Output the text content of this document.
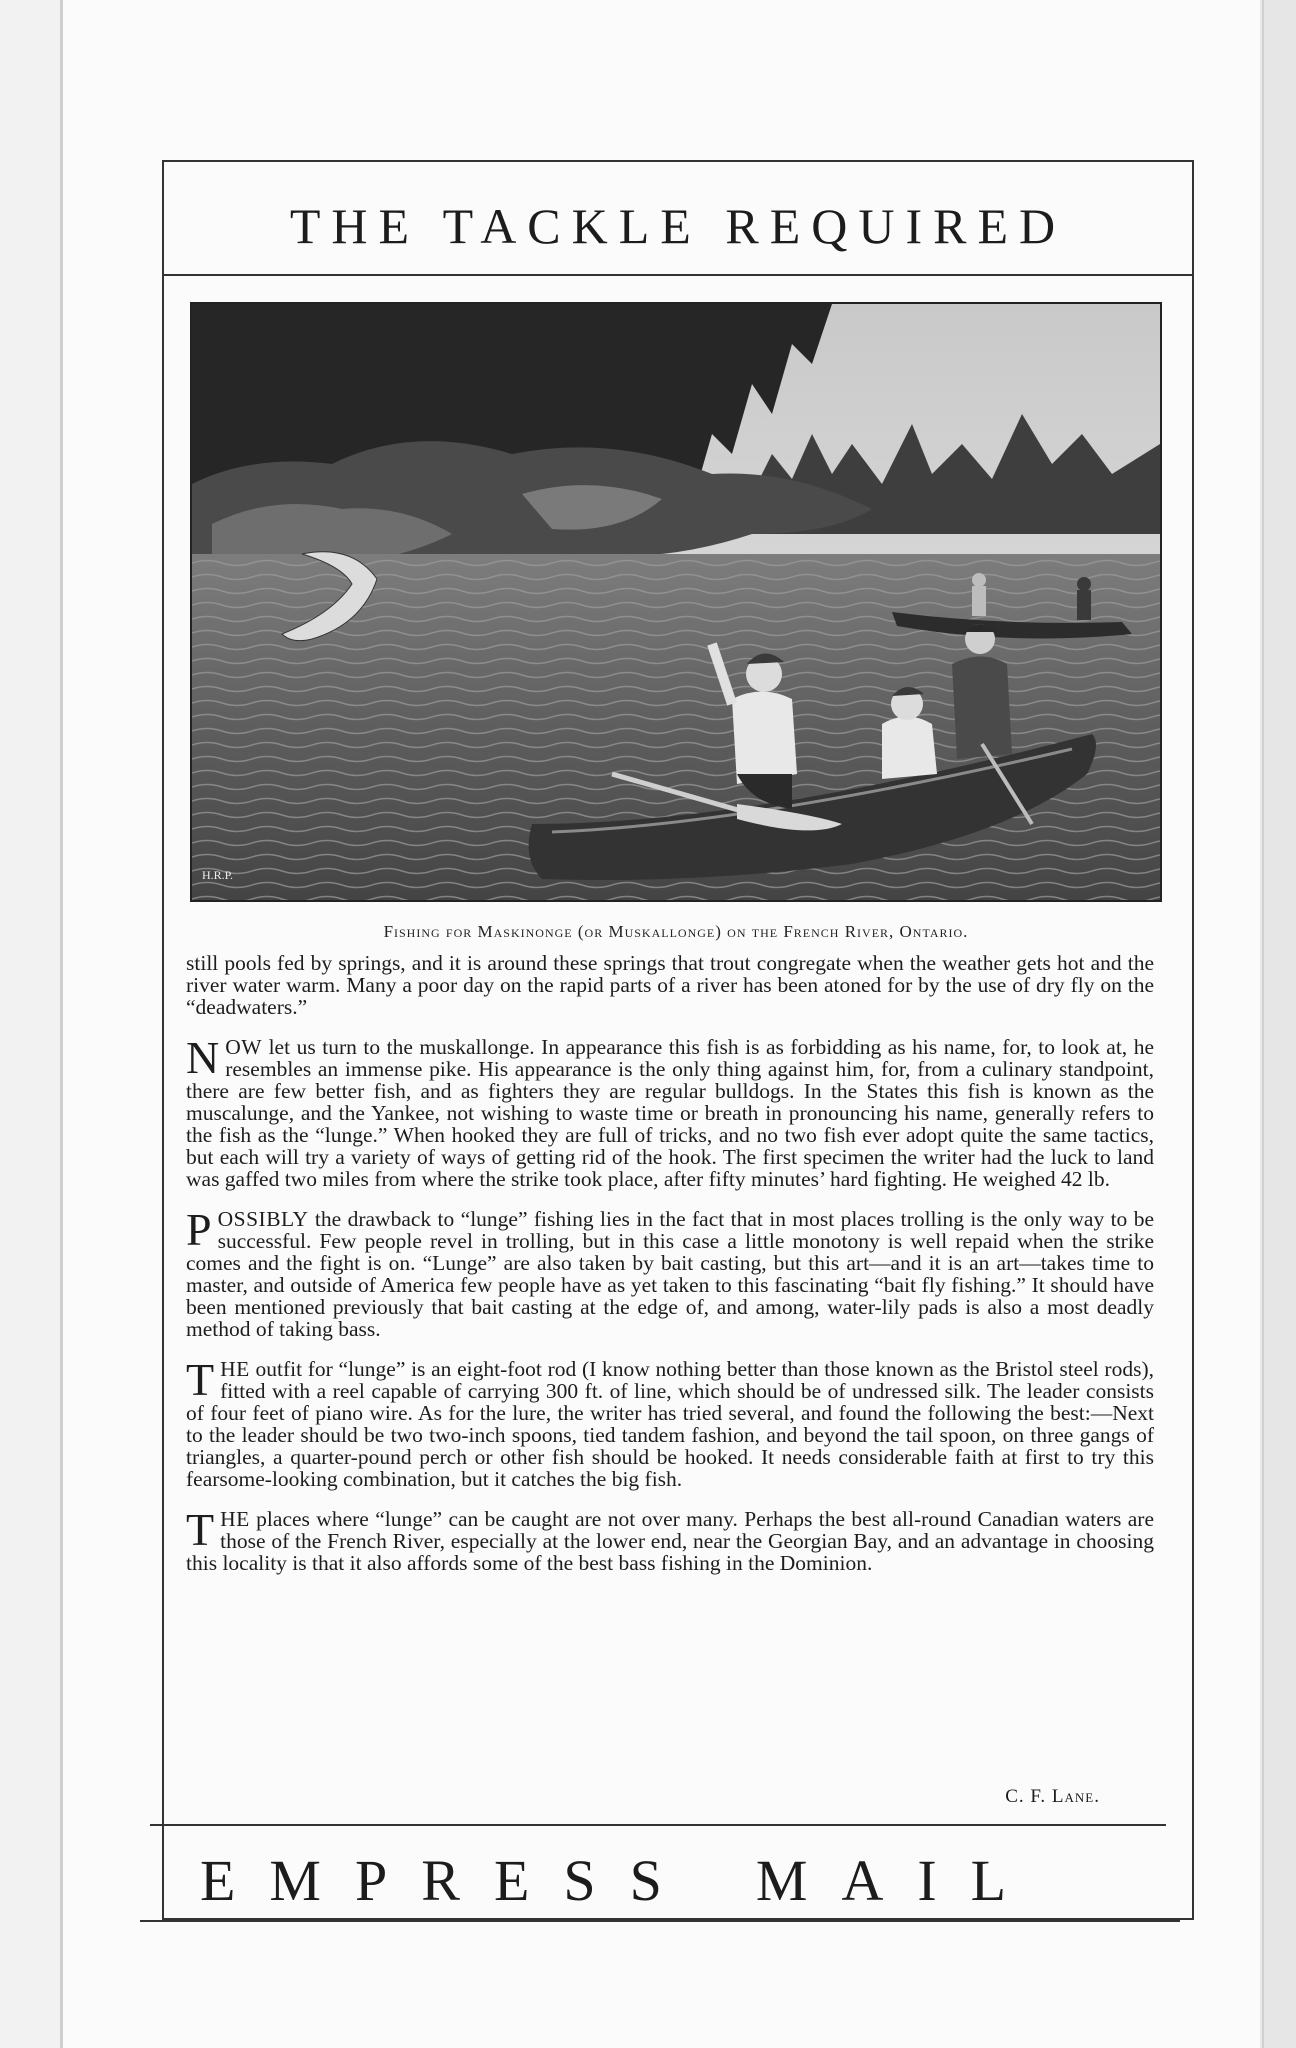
THE TACKLE REQUIRED
H.R.P.
Fishing for Maskinonge (or Muskallonge) on the French River, Ontario.

still pools fed by springs, and it is around these springs that trout congregate when the weather gets hot and the river water warm. Many a poor day on the rapid parts of a river has been atoned for by the use of dry fly on the “deadwaters.”

NOW let us turn to the muskallonge. In appearance this fish is as forbidding as his name, for, to look at, he resembles an immense pike. His appearance is the only thing against him, for, from a culinary standpoint, there are few better fish, and as fighters they are regular bulldogs. In the States this fish is known as the muscalunge, and the Yankee, not wishing to waste time or breath in pronouncing his name, generally refers to the fish as the “lunge.” When hooked they are full of tricks, and no two fish ever adopt quite the same tactics, but each will try a variety of ways of getting rid of the hook. The first specimen the writer had the luck to land was gaffed two miles from where the strike took place, after fifty minutes’ hard fighting. He weighed 42 lb.

POSSIBLY the drawback to “lunge” fishing lies in the fact that in most places trolling is the only way to be successful. Few people revel in trolling, but in this case a little monotony is well repaid when the strike comes and the fight is on. “Lunge” are also taken by bait casting, but this art—and it is an art—takes time to master, and outside of America few people have as yet taken to this fascinating “bait fly fishing.” It should have been mentioned previously that bait casting at the edge of, and among, water-lily pads is also a most deadly method of taking bass.

THE outfit for “lunge” is an eight-foot rod (I know nothing better than those known as the Bristol steel rods), fitted with a reel capable of carrying 300 ft. of line, which should be of undressed silk. The leader consists of four feet of piano wire. As for the lure, the writer has tried several, and found the following the best:—Next to the leader should be two two-inch spoons, tied tandem fashion, and beyond the tail spoon, on three gangs of triangles, a quarter-pound perch or other fish should be hooked. It needs considerable faith at first to try this fearsome-looking combination, but it catches the big fish.

THE places where “lunge” can be caught are not over many. Perhaps the best all-round Canadian waters are those of the French River, especially at the lower end, near the Georgian Bay, and an advantage in choosing this locality is that it also affords some of the best bass fishing in the Dominion.

C. F. Lane.
EMPRESS MAIL
